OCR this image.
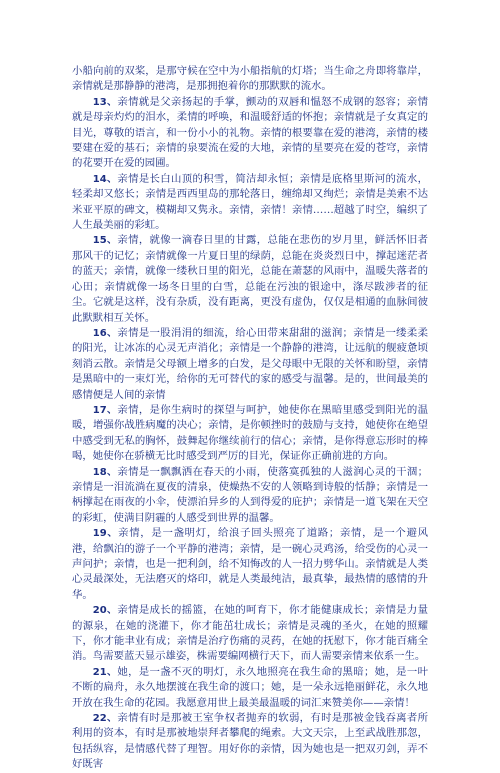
小船向前的双桨，是那守候在空中为小船指航的灯塔；当生命之舟即将靠岸，亲情就是那静静的港湾，是那拥抱着你的那默默的流水。

13、亲情就是父亲扬起的手掌，颤动的双唇和愠怒不成钢的怒容；亲情就是母亲灼灼的泪水，柔情的呼唤，和温暖舒适的怀抱；亲情就是子女真定的目光，尊敬的语言，和一份小小的礼物。亲情的根要靠在爱的港湾，亲情的楼要建在爱的基石；亲情的泉要流在爱的大地，亲情的星要亮在爱的苍穹，亲情的花要开在爱的园圃。

14、亲情是长白山顶的积雪，简洁却永恒；亲情是底格里斯河的流水，轻柔却又悠长；亲情是西西里岛的那轮落日，缠绵却又绚烂；亲情是美索不达米亚平原的碑文，模糊却又隽永。亲情，亲情！亲情……超越了时空，编织了人生最美丽的彩虹。

15、亲情，就像一滴春日里的甘露，总能在悲伤的岁月里，鲜活怀旧者那风干的记忆；亲情就像一片夏日里的绿荫，总能在炎炎烈日中，撑起迷茫者的蓝天；亲情，就像一缕秋日里的阳光，总能在萧瑟的风雨中，温暖失落者的心田；亲情就像一场冬日里的白雪，总能在污浊的银途中，涤尽跋涉者的征尘。它就是这样，没有杂质，没有距离，更没有虚伪，仅仅是相通的血脉间彼此默默相互关怀。

16、亲情是一股涓涓的细流，给心田带来甜甜的滋润；亲情是一缕柔柔的阳光，让冰冻的心灵无声消化；亲情是一个静静的港湾，让远航的舰疲惫顷刻消云散。亲情是父母额上增多的白发，是父母眼中无限的关怀和盼望，亲情是黑暗中的一束灯光，给你的无可替代的家的感受与温馨。是的，世间最美的感情便是人间的亲情

17、亲情，是你生病时的探望与呵护，她使你在黑暗里感受到阳光的温暖，增强你战胜病魔的决心；亲情，是你顿挫时的鼓励与支持，她使你在绝望中感受到无私的胸怀，鼓舞起你继续前行的信心；亲情，是你得意忘形时的棒喝，她使你在骄横无比时感受到严厉的目光，保证你正确前进的方向。

18、亲情是一飘飘洒在春天的小雨，使落寞孤独的人滋润心灵的干涸；亲情是一泪流淌在夏夜的清泉，使燥热不安的人领略到诗般的恬静；亲情是一柄撑起在雨夜的小伞，使漂泊异乡的人到得爱的庇护；亲情是一道飞架在天空的彩虹，使满目阴霾的人感受到世界的温馨。

19、亲情，是一盏明灯，给浪子回头照亮了道路；亲情，是一个避风港，给飘泊的游子一个平静的港湾；亲情，是一碗心灵鸡汤，给受伤的心灵一声问护；亲情，也是一把利剑，给不知悔改的人一招力劈华山。亲情就是人类心灵最深处，无法磨灭的烙印，就是人类最纯洁，最真挚，最热情的感情的升华。

20、亲情是成长的摇篮，在她的呵育下，你才能健康成长；亲情是力量的源泉，在她的浇灌下，你才能茁壮成长；亲情是灵魂的圣火，在她的照耀下，你才能聿业有成；亲情是治疗伤痛的灵药，在她的抚慰下，你才能百痛全消。鸟需要蓝天显示雄姿，株需要编网横行天下，而人需要亲情来依系一生。

21、她，是一盏不灭的明灯，永久地照亮在我生命的黑暗；她，是一叶不断的扁舟，永久地摆渡在我生命的渡口；她，是一朵永远艳丽鲜花，永久地开放在我生命的花园。我愿意用世上最美最温暖的词汇来赞美你——亲情！

22、亲情有时是那被王室争权者抛弃的软弱，有时是那被金钱吞离者所利用的资本，有时是那被地崇拜者攀爬的绳索。大文天宗，上至武战胜那忽，包括纵容，是情感代替了理智。用好你的亲情，因为她也是一把双刃剑，弄不好既害
